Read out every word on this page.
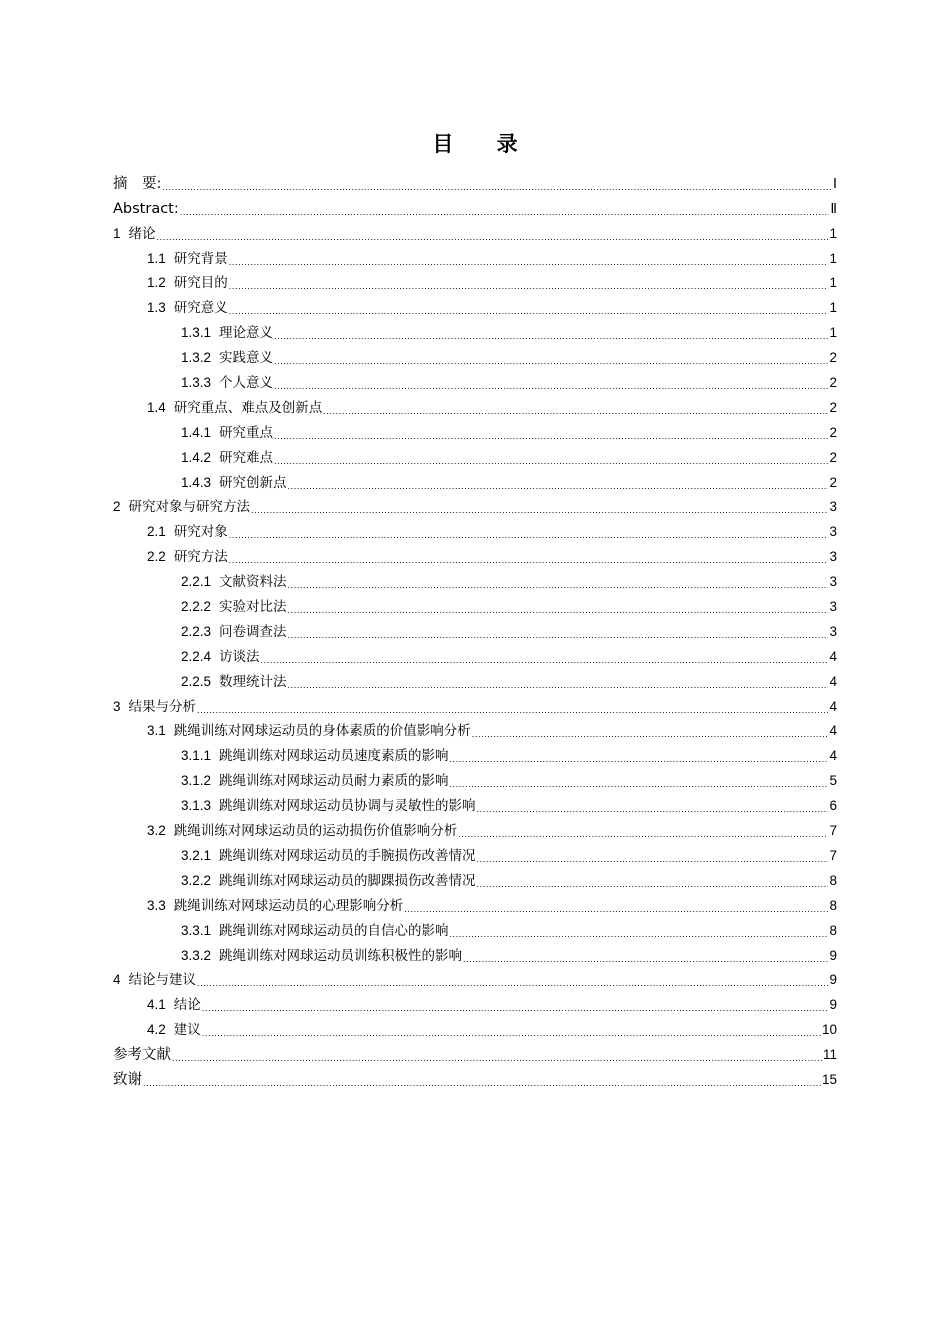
目 录
摘　要: .....	Ⅰ
Abstract: .....	Ⅱ
1 绪论 .....	1
1.1 研究背景 .....	1
1.2 研究目的 .....	1
1.3 研究意义 .....	1
1.3.1 理论意义 .....	1
1.3.2 实践意义 .....	2
1.3.3 个人意义 .....	2
1.4 研究重点、难点及创新点 .....	2
1.4.1 研究重点 .....	2
1.4.2 研究难点 .....	2
1.4.3 研究创新点 .....	2
2 研究对象与研究方法 .....	3
2.1 研究对象 .....	3
2.2 研究方法 .....	3
2.2.1 文献资料法 .....	3
2.2.2 实验对比法 .....	3
2.2.3 问卷调查法 .....	3
2.2.4 访谈法 .....	4
2.2.5 数理统计法 .....	4
3 结果与分析 .....	4
3.1 跳绳训练对网球运动员的身体素质的价值影响分析 .....	4
3.1.1 跳绳训练对网球运动员速度素质的影响 .....	4
3.1.2 跳绳训练对网球运动员耐力素质的影响 .....	5
3.1.3 跳绳训练对网球运动员协调与灵敏性的影响 .....	6
3.2 跳绳训练对网球运动员的运动损伤价值影响分析 .....	7
3.2.1 跳绳训练对网球运动员的手腕损伤改善情况 .....	7
3.2.2 跳绳训练对网球运动员的脚踝损伤改善情况 .....	8
3.3 跳绳训练对网球运动员的心理影响分析 .....	8
3.3.1 跳绳训练对网球运动员的自信心的影响 .....	8
3.3.2 跳绳训练对网球运动员训练积极性的影响 .....	9
4 结论与建议 .....	9
4.1 结论 .....	9
4.2 建议 .....	10
参考文献 .....	11
致谢 .....	15
